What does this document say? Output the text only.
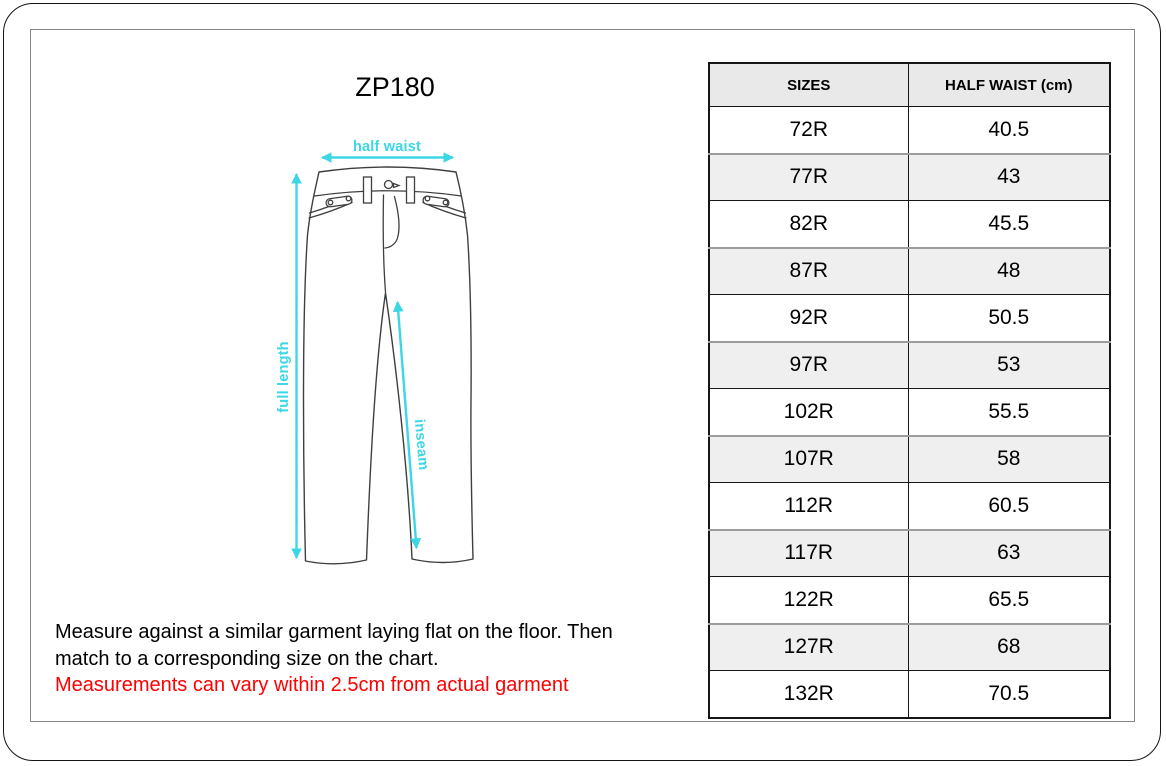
ZP180
half waist
full length
inseam
SIZES	HALF WAIST (cm)
72R	40.5
77R	43
82R	45.5
87R	48
92R	50.5
97R	53
102R	55.5
107R	58
112R	60.5
117R	63
122R	65.5
127R	68
132R	70.5
Measure against a similar garment laying flat on the floor. Then
match to a corresponding size on the chart.
Measurements can vary within 2.5cm from actual garment
